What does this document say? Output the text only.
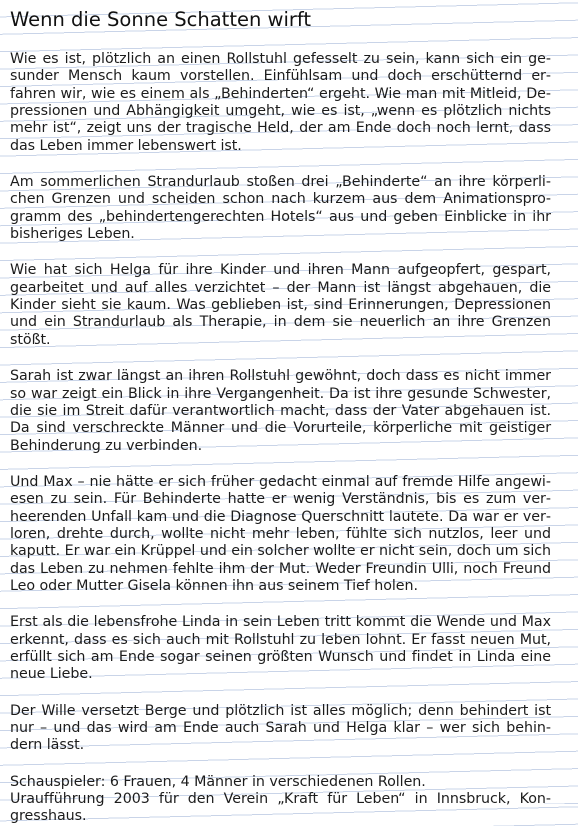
Wenn die Sonne Schatten wirft

Wie es ist, plötzlich an einen Rollstuhl gefesselt zu sein, kann sich ein gesunder Mensch kaum vorstellen. Einfühlsam und doch erschütternd erfahren wir, wie es einem als „Behinderten“ ergeht. Wie man mit Mitleid, Depressionen und Abhängigkeit umgeht, wie es ist, „wenn es plötzlich nichts mehr ist“, zeigt uns der tragische Held, der am Ende doch noch lernt, dass das Leben immer lebenswert ist.

Am sommerlichen Strandurlaub stoßen drei „Behinderte“ an ihre körperlichen Grenzen und scheiden schon nach kurzem aus dem Animationsprogramm des „behindertengerechten Hotels“ aus und geben Einblicke in ihr bisheriges Leben.

Wie hat sich Helga für ihre Kinder und ihren Mann aufgeopfert, gespart, gearbeitet und auf alles verzichtet – der Mann ist längst abgehauen, die Kinder sieht sie kaum. Was geblieben ist, sind Erinnerungen, Depressionen und ein Strandurlaub als Therapie, in dem sie neuerlich an ihre Grenzen stößt.

Sarah ist zwar längst an ihren Rollstuhl gewöhnt, doch dass es nicht immer so war zeigt ein Blick in ihre Vergangenheit. Da ist ihre gesunde Schwester, die sie im Streit dafür verantwortlich macht, dass der Vater abgehauen ist. Da sind verschreckte Männer und die Vorurteile, körperliche mit geistiger Behinderung zu verbinden.

Und Max – nie hätte er sich früher gedacht einmal auf fremde Hilfe angewiesen zu sein. Für Behinderte hatte er wenig Verständnis, bis es zum verheerenden Unfall kam und die Diagnose Querschnitt lautete. Da war er verloren, drehte durch, wollte nicht mehr leben, fühlte sich nutzlos, leer und kaputt. Er war ein Krüppel und ein solcher wollte er nicht sein, doch um sich das Leben zu nehmen fehlte ihm der Mut. Weder Freundin Ulli, noch Freund Leo oder Mutter Gisela können ihn aus seinem Tief holen.

Erst als die lebensfrohe Linda in sein Leben tritt kommt die Wende und Max erkennt, dass es sich auch mit Rollstuhl zu leben lohnt. Er fasst neuen Mut, erfüllt sich am Ende sogar seinen größten Wunsch und findet in Linda eine neue Liebe.

Der Wille versetzt Berge und plötzlich ist alles möglich; denn behindert ist nur – und das wird am Ende auch Sarah und Helga klar – wer sich behindern lässt.

Schauspieler: 6 Frauen, 4 Männer in verschiedenen Rollen.
Uraufführung 2003 für den Verein „Kraft für Leben“ in Innsbruck, Kongresshaus.
